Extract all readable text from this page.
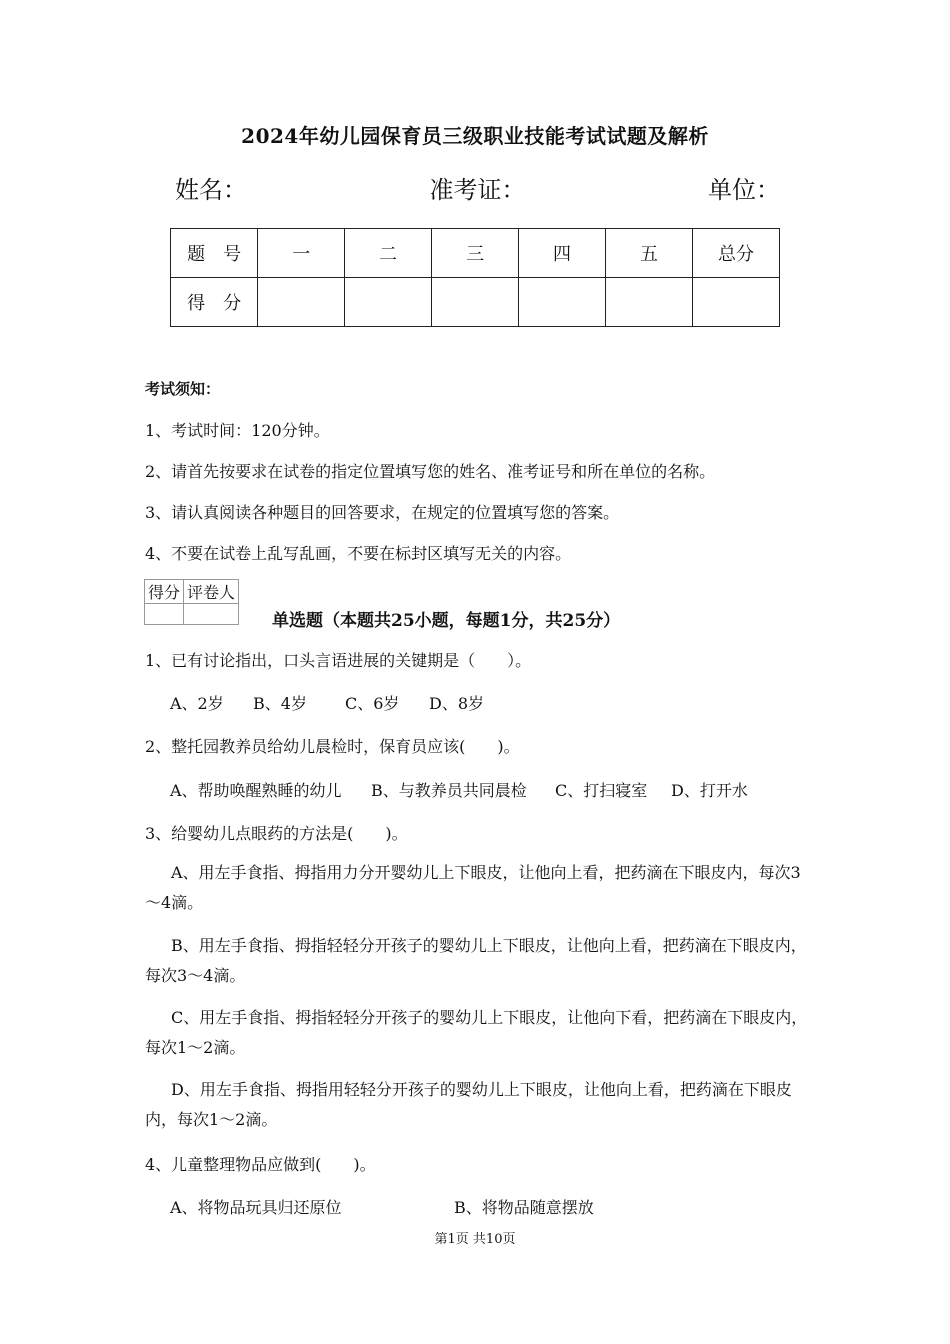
2024年幼儿园保育员三级职业技能考试试题及解析
姓名：	准考证：	单位：
题　号	一	二	三	四	五	总分
得　分						
考试须知：
1、考试时间：120分钟。
2、请首先按要求在试卷的指定位置填写您的姓名、准考证号和所在单位的名称。
3、请认真阅读各种题目的回答要求，在规定的位置填写您的答案。
4、不要在试卷上乱写乱画，不要在标封区填写无关的内容。
得分	评卷人

单选题（本题共25小题，每题1分，共25分）
1、已有讨论指出，口头言语进展的关键期是（　　）。
A、2岁 B、4岁 C、6岁 D、8岁
2、整托园教养员给幼儿晨检时，保育员应该(　　)。
A、帮助唤醒熟睡的幼儿 B、与教养员共同晨检 C、打扫寝室 D、打开水
3、给婴幼儿点眼药的方法是(　　)。
A、用左手食指、拇指用力分开婴幼儿上下眼皮，让他向上看，把药滴在下眼皮内，每次3～4滴。
B、用左手食指、拇指轻轻分开孩子的婴幼儿上下眼皮，让他向上看，把药滴在下眼皮内，每次3～4滴。
C、用左手食指、拇指轻轻分开孩子的婴幼儿上下眼皮，让他向下看，把药滴在下眼皮内，每次1～2滴。
D、用左手食指、拇指用轻轻分开孩子的婴幼儿上下眼皮，让他向上看，把药滴在下眼皮内，每次1～2滴。
4、儿童整理物品应做到(　　)。
A、将物品玩具归还原位	B、将物品随意摆放
第1页 共10页
